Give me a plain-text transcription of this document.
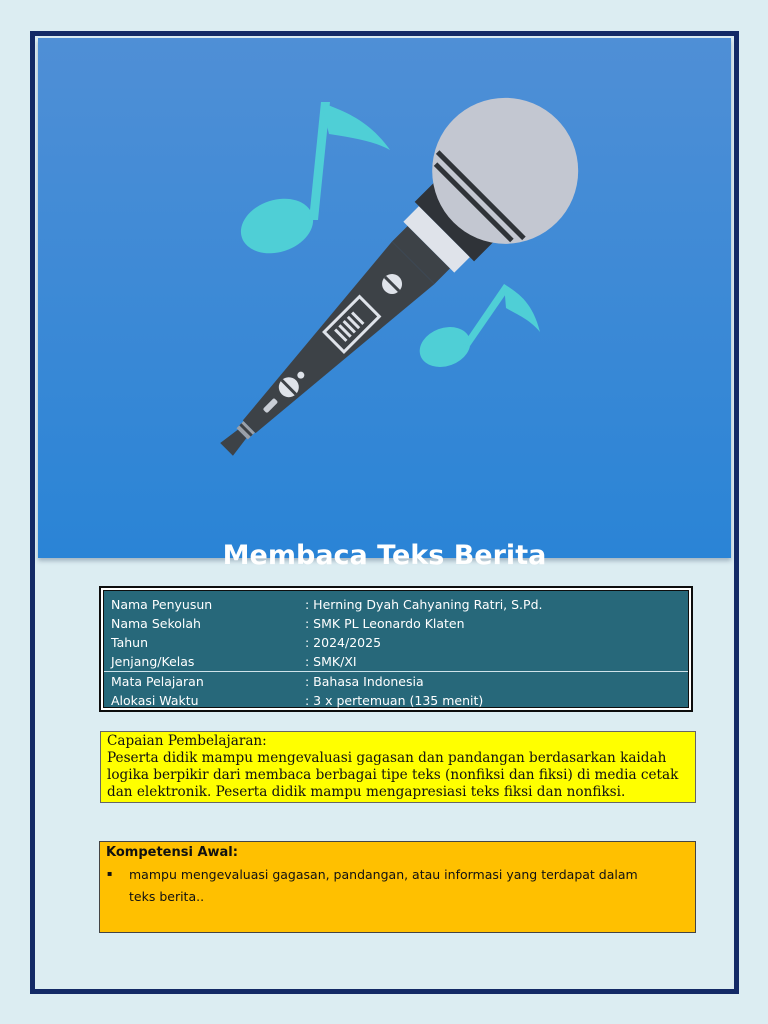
Membaca Teks Berita
Nama Penyusun	: Herning Dyah Cahyaning Ratri, S.Pd.
Nama Sekolah	: SMK PL Leonardo Klaten
Tahun	: 2024/2025
Jenjang/Kelas	: SMK/XI
Mata Pelajaran	: Bahasa Indonesia
Alokasi Waktu	: 3 x pertemuan (135 menit)
Capaian Pembelajaran:
Peserta didik mampu mengevaluasi gagasan dan pandangan berdasarkan kaidah logika berpikir dari membaca berbagai tipe teks (nonfiksi dan fiksi) di media cetak dan elektronik. Peserta didik mampu mengapresiasi teks fiksi dan nonfiksi.
Kompetensi Awal:
▪	mampu mengevaluasi gagasan, pandangan, atau informasi yang terdapat dalam teks berita..
